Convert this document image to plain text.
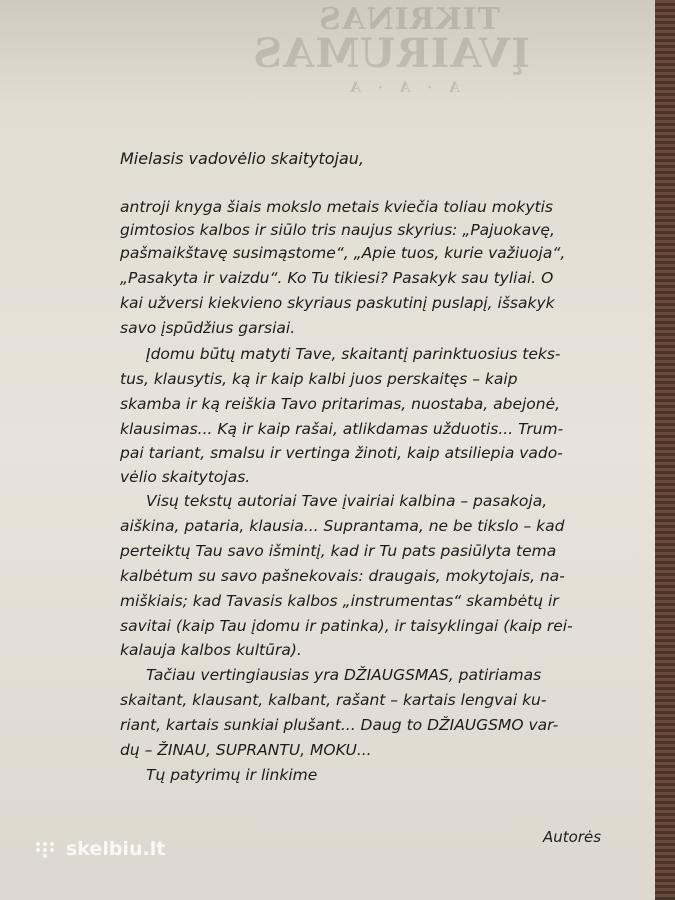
TIKRINAS
ĮVAIRUMAS
A · A · A
Mielasis vadovėlio skaitytojau,
antroji knyga šiais mokslo metais kviečia toliau mokytis
gimtosios kalbos ir siūlo tris naujus skyrius: „Pajuokavę,
pašmaikštavę susimąstome“, „Apie tuos, kurie važiuoja“,
„Pasakyta ir vaizdu“. Ko Tu tikiesi? Pasakyk sau tyliai. O
kai užversi kiekvieno skyriaus paskutinį puslapį, išsakyk
savo įspūdžius garsiai.
Įdomu būtų matyti Tave, skaitantį parinktuosius teks-
tus, klausytis, ką ir kaip kalbi juos perskaitęs – kaip
skamba ir ką reiškia Tavo pritarimas, nuostaba, abejonė,
klausimas... Ką ir kaip rašai, atlikdamas užduotis... Trum-
pai tariant, smalsu ir vertinga žinoti, kaip atsiliepia vado-
vėlio skaitytojas.
Visų tekstų autoriai Tave įvairiai kalbina – pasakoja,
aiškina, pataria, klausia... Suprantama, ne be tikslo – kad
perteiktų Tau savo išmintį, kad ir Tu pats pasiūlyta tema
kalbėtum su savo pašnekovais: draugais, mokytojais, na-
miškiais; kad Tavasis kalbos „instrumentas“ skambėtų ir
savitai (kaip Tau įdomu ir patinka), ir taisyklingai (kaip rei-
kalauja kalbos kultūra).
Tačiau vertingiausias yra DŽIAUGSMAS, patiriamas
skaitant, klausant, kalbant, rašant – kartais lengvai ku-
riant, kartais sunkiai plušant... Daug to DŽIAUGSMO var-
dų – ŽINAU, SUPRANTU, MOKU...
Tų patyrimų ir linkime
Autorės
skelbiu.lt
